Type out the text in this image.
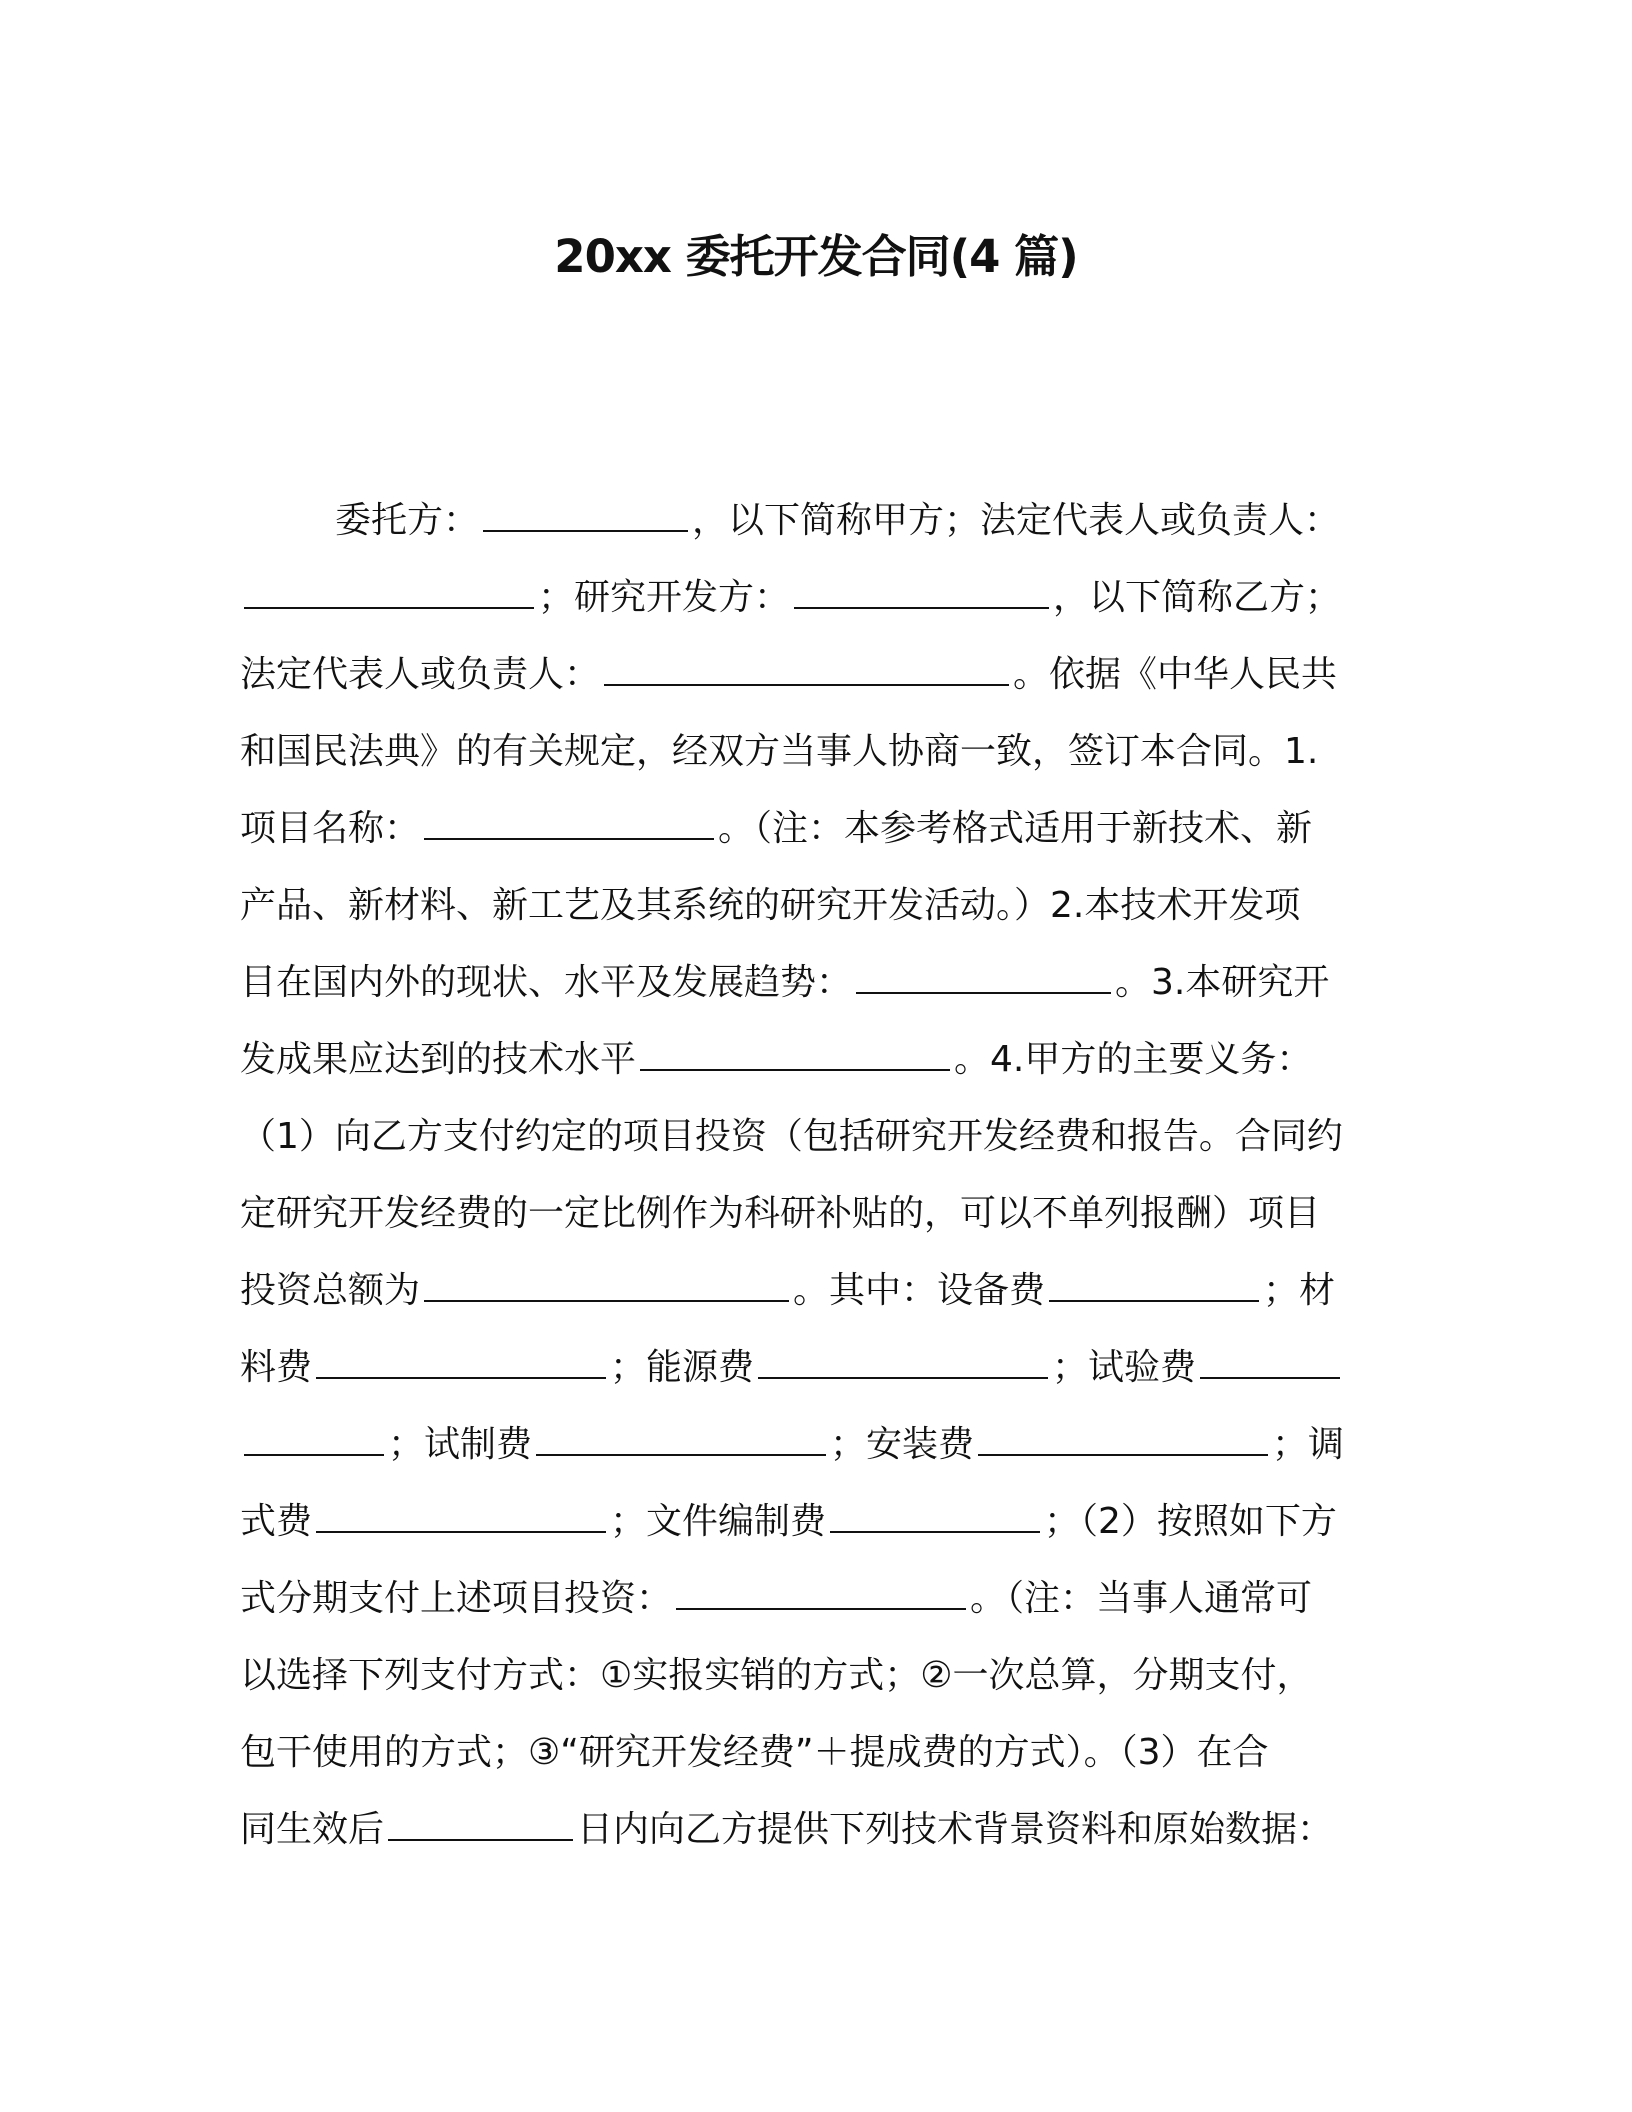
20xx 委托开发合同(4 篇)
委托方：	，以下简称甲方；法定代表人或负责人：
；研究开发方：	，以下简称乙方；
法定代表人或负责人：	。依据《中华人民共
和国民法典》的有关规定，经双方当事人协商一致，签订本合同。1.
项目名称：	。（注：本参考格式适用于新技术、新
产品、新材料、新工艺及其系统的研究开发活动。）2.本技术开发项
目在国内外的现状、水平及发展趋势：	。3.本研究开
发成果应达到的技术水平	。4.甲方的主要义务：
（1）向乙方支付约定的项目投资（包括研究开发经费和报告。合同约
定研究开发经费的一定比例作为科研补贴的，可以不单列报酬）项目
投资总额为	。其中：设备费	；材
料费	；能源费	；试验费
；试制费	；安装费	；调
式费	；文件编制费	；（2）按照如下方
式分期支付上述项目投资：	。（注：当事人通常可
以选择下列支付方式：①实报实销的方式；②一次总算，分期支付，
包干使用的方式；③“研究开发经费”＋提成费的方式）。（3）在合
同生效后	日内向乙方提供下列技术背景资料和原始数据：
